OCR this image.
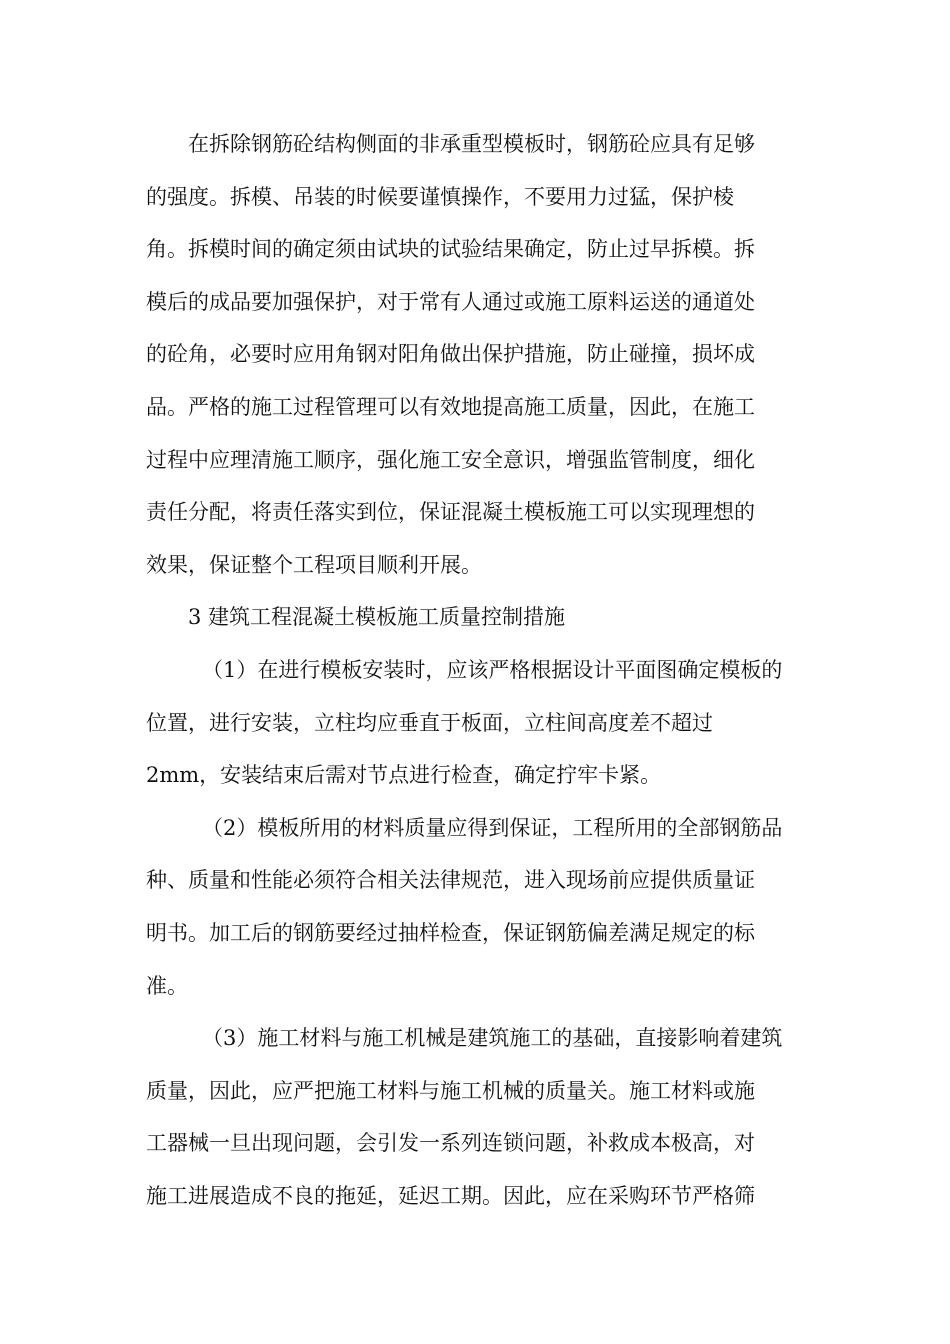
在拆除钢筋砼结构侧面的非承重型模板时，钢筋砼应具有足够
的强度。拆模、吊装的时候要谨慎操作，不要用力过猛，保护棱
角。拆模时间的确定须由试块的试验结果确定，防止过早拆模。拆
模后的成品要加强保护，对于常有人通过或施工原料运送的通道处
的砼角，必要时应用角钢对阳角做出保护措施，防止碰撞，损坏成
品。严格的施工过程管理可以有效地提高施工质量，因此，在施工
过程中应理清施工顺序，强化施工安全意识，增强监管制度，细化
责任分配，将责任落实到位，保证混凝土模板施工可以实现理想的
效果，保证整个工程项目顺利开展。
3 建筑工程混凝土模板施工质量控制措施
（1）在进行模板安装时，应该严格根据设计平面图确定模板的
位置，进行安装，立柱均应垂直于板面，立柱间高度差不超过
2mm，安装结束后需对节点进行检查，确定拧牢卡紧。
（2）模板所用的材料质量应得到保证，工程所用的全部钢筋品
种、质量和性能必须符合相关法律规范，进入现场前应提供质量证
明书。加工后的钢筋要经过抽样检查，保证钢筋偏差满足规定的标
准。
（3）施工材料与施工机械是建筑施工的基础，直接影响着建筑
质量，因此，应严把施工材料与施工机械的质量关。施工材料或施
工器械一旦出现问题，会引发一系列连锁问题，补救成本极高，对
施工进展造成不良的拖延，延迟工期。因此，应在采购环节严格筛
